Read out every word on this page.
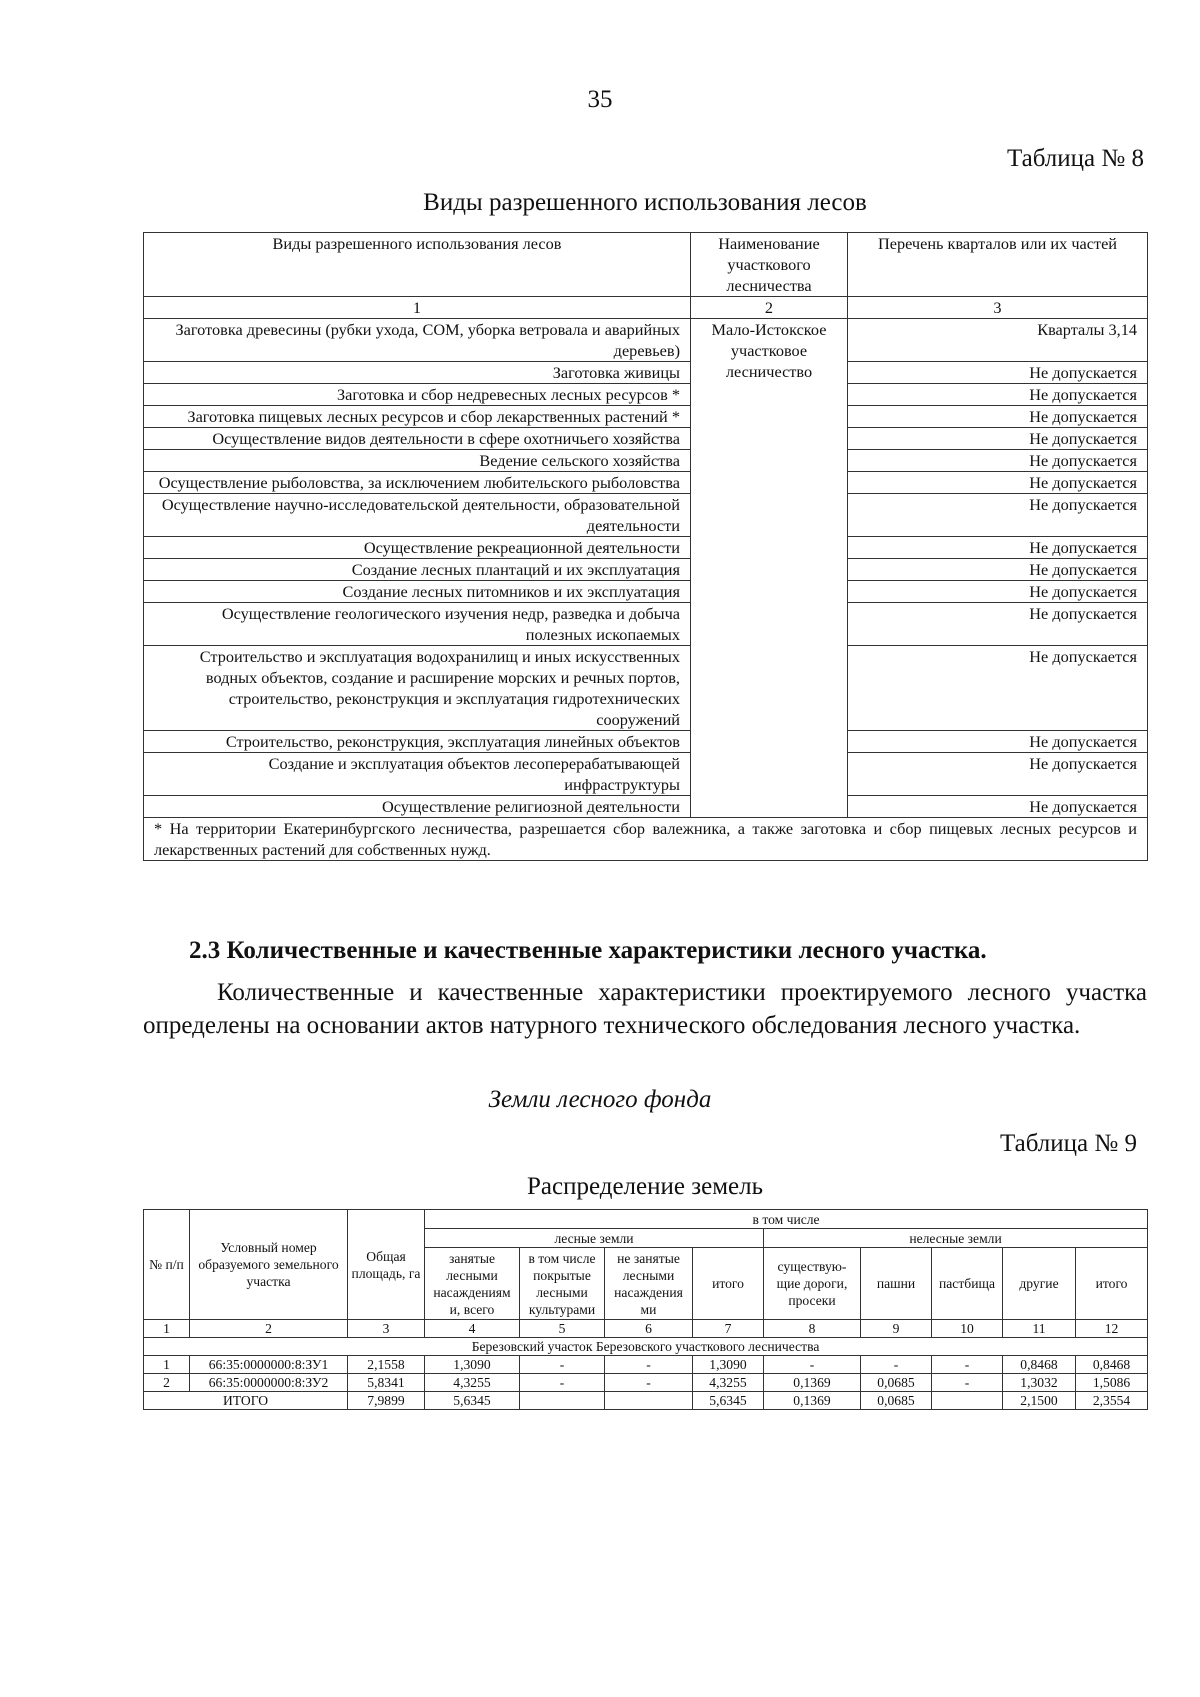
35
Таблица № 8
Виды разрешенного использования лесов
Виды разрешенного использования лесов	Наименование участкового лесничества	Перечень кварталов или их частей
1	2	3
Заготовка древесины (рубки ухода, СОМ, уборка ветровала и аварийных деревьев)	Мало-Истокское участковое лесничество	Кварталы 3,14
Заготовка живицы		Не допускается
Заготовка и сбор недревесных лесных ресурсов *		Не допускается
Заготовка пищевых лесных ресурсов и сбор лекарственных растений *		Не допускается
Осуществление видов деятельности в сфере охотничьего хозяйства		Не допускается
Ведение сельского хозяйства		Не допускается
Осуществление рыболовства, за исключением любительского рыболовства		Не допускается
Осуществление научно-исследовательской деятельности, образовательной деятельности		Не допускается
Осуществление рекреационной деятельности		Не допускается
Создание лесных плантаций и их эксплуатация		Не допускается
Создание лесных питомников и их эксплуатация		Не допускается
Осуществление геологического изучения недр, разведка и добыча полезных ископаемых		Не допускается
Строительство и эксплуатация водохранилищ и иных искусственных водных объектов, создание и расширение морских и речных портов, строительство, реконструкция и эксплуатация гидротехнических сооружений		Не допускается
Строительство, реконструкция, эксплуатация линейных объектов		Не допускается
Создание и эксплуатация объектов лесоперерабатывающей инфраструктуры		Не допускается
Осуществление религиозной деятельности		Не допускается
* На территории Екатеринбургского лесничества, разрешается сбор валежника, а также заготовка и сбор пищевых лесных ресурсов и лекарственных растений для собственных нужд.		
2.3 Количественные и качественные характеристики лесного участка.
Количественные и качественные характеристики проектируемого лесного участка определены на основании актов натурного технического обследования лесного участка.
Земли лесного фонда
Таблица № 9
Распределение земель
№ п/п	Условный номер образуемого земельного участка	Общая площадь, га	в том числе								
			лесные земли				нелесные земли				
			занятые лесными насаждениям и, всего	в том числе покрытые лесными культурами	не занятые лесными насаждения ми	итого	существую- щие дороги, просеки	пашни	пастбища	другие	итого
1	2	3	4	5	6	7	8	9	10	11	12
Березовский участок Березовского участкового лесничества											
1	66:35:0000000:8:ЗУ1	2,1558	1,3090	-	-	1,3090	-	-	-	0,8468	0,8468
2	66:35:0000000:8:ЗУ2	5,8341	4,3255	-	-	4,3255	0,1369	0,0685	-	1,3032	1,5086
ИТОГО		7,9899	5,6345			5,6345	0,1369	0,0685		2,1500	2,3554
